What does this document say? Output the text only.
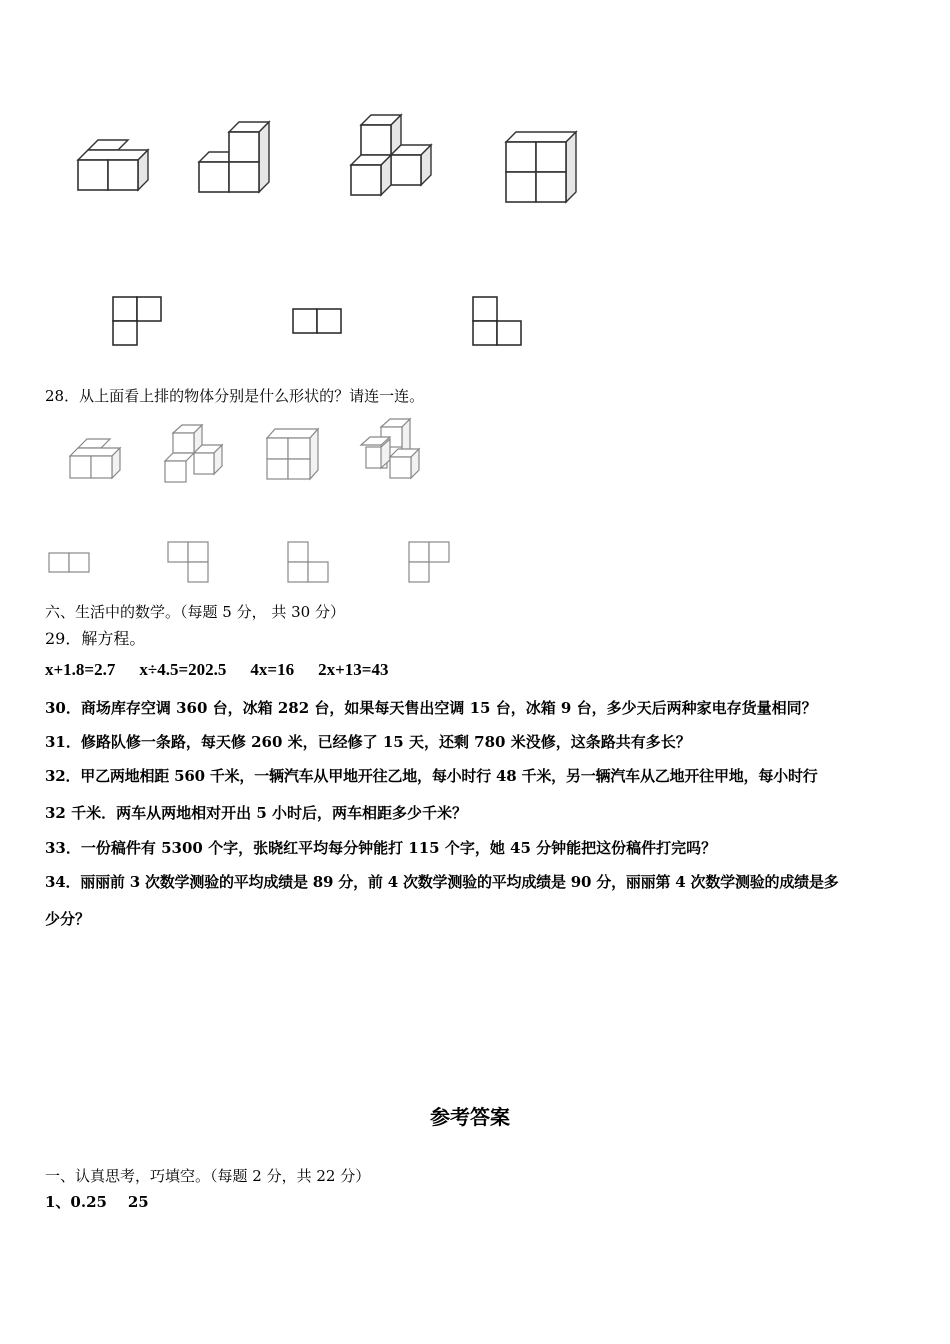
28．从上面看上排的物体分别是什么形状的？请连一连。
六、生活中的数学。（每题 5 分， 共 30 分）
29．解方程。
x+1.8=2.7 x÷4.5=202.5 4x=16 2x+13=43
30．商场库存空调 360 台，冰箱 282 台，如果每天售出空调 15 台，冰箱 9 台，多少天后两种家电存货量相同？
31．修路队修一条路，每天修 260 米，已经修了 15 天，还剩 780 米没修，这条路共有多长？
32．甲乙两地相距 560 千米，一辆汽车从甲地开往乙地，每小时行 48 千米，另一辆汽车从乙地开往甲地，每小时行
32 千米．两车从两地相对开出 5 小时后，两车相距多少千米？
33．一份稿件有 5300 个字，张晓红平均每分钟能打 115 个字，她 45 分钟能把这份稿件打完吗？
34．丽丽前 3 次数学测验的平均成绩是 89 分，前 4 次数学测验的平均成绩是 90 分，丽丽第 4 次数学测验的成绩是多
少分？
参考答案
一、认真思考，巧填空。（每题 2 分，共 22 分）
1、0.25    25
